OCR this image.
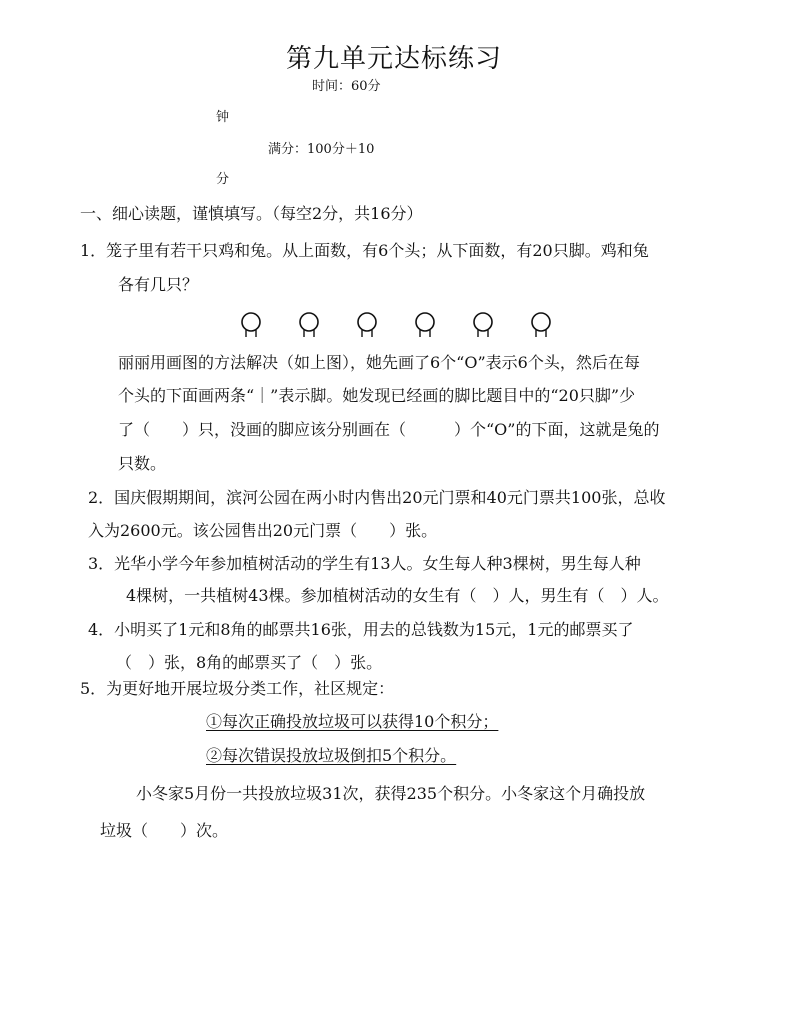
第九单元达标练习
时间：60分
钟
满分：100分＋10
分
一、细心读题，谨慎填写。（每空2分，共16分）
1．笼子里有若干只鸡和兔。从上面数，有6个头；从下面数，有20只脚。鸡和兔
各有几只？
丽丽用画图的方法解决（如上图），她先画了6个“O”表示6个头，然后在每
个头的下面画两条“｜”表示脚。她发现已经画的脚比题目中的“20只脚”少
了（　　）只，没画的脚应该分别画在（　　　）个“O”的下面，这就是兔的
只数。
2．国庆假期期间，滨河公园在两小时内售出20元门票和40元门票共100张，总收
入为2600元。该公园售出20元门票（　　）张。
3．光华小学今年参加植树活动的学生有13人。女生每人种3棵树，男生每人种
4棵树，一共植树43棵。参加植树活动的女生有（　）人，男生有（　）人。
4．小明买了1元和8角的邮票共16张，用去的总钱数为15元，1元的邮票买了
（　）张，8角的邮票买了（　）张。
5．为更好地开展垃圾分类工作，社区规定：
①每次正确投放垃圾可以获得10个积分；
②每次错误投放垃圾倒扣5个积分。
小冬家5月份一共投放垃圾31次，获得235个积分。小冬家这个月确投放
垃圾（　　）次。
